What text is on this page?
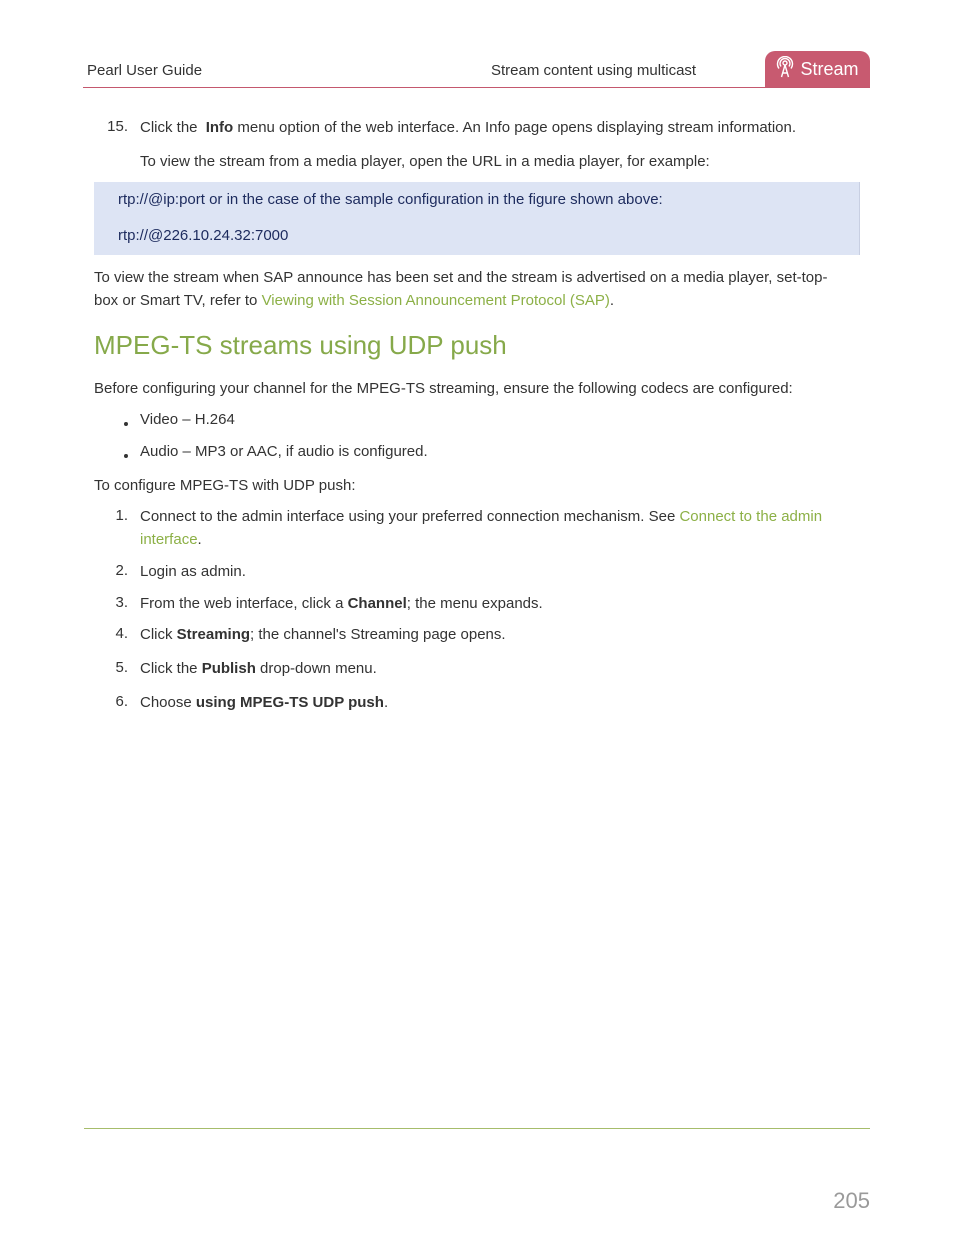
Pearl User Guide	Stream content using multicast	Stream
15. Click the Info menu option of the web interface. An Info page opens displaying stream information.
To view the stream from a media player, open the URL in a media player, for example:
rtp://@ip:port or in the case of the sample configuration in the figure shown above:
rtp://@226.10.24.32:7000
To view the stream when SAP announce has been set and the stream is advertised on a media player, set-top-
box or Smart TV, refer to Viewing with Session Announcement Protocol (SAP).
MPEG-TS streams using UDP push
Before configuring your channel for the MPEG-TS streaming, ensure the following codecs are configured:
Video – H.264
Audio – MP3 or AAC, if audio is configured.
To configure MPEG-TS with UDP push:
1. Connect to the admin interface using your preferred connection mechanism. See Connect to the admin
interface.
2. Login as admin.
3. From the web interface, click a Channel; the menu expands.
4. Click Streaming; the channel's Streaming page opens.
5. Click the Publish drop-down menu.
6. Choose using MPEG-TS UDP push.
205
